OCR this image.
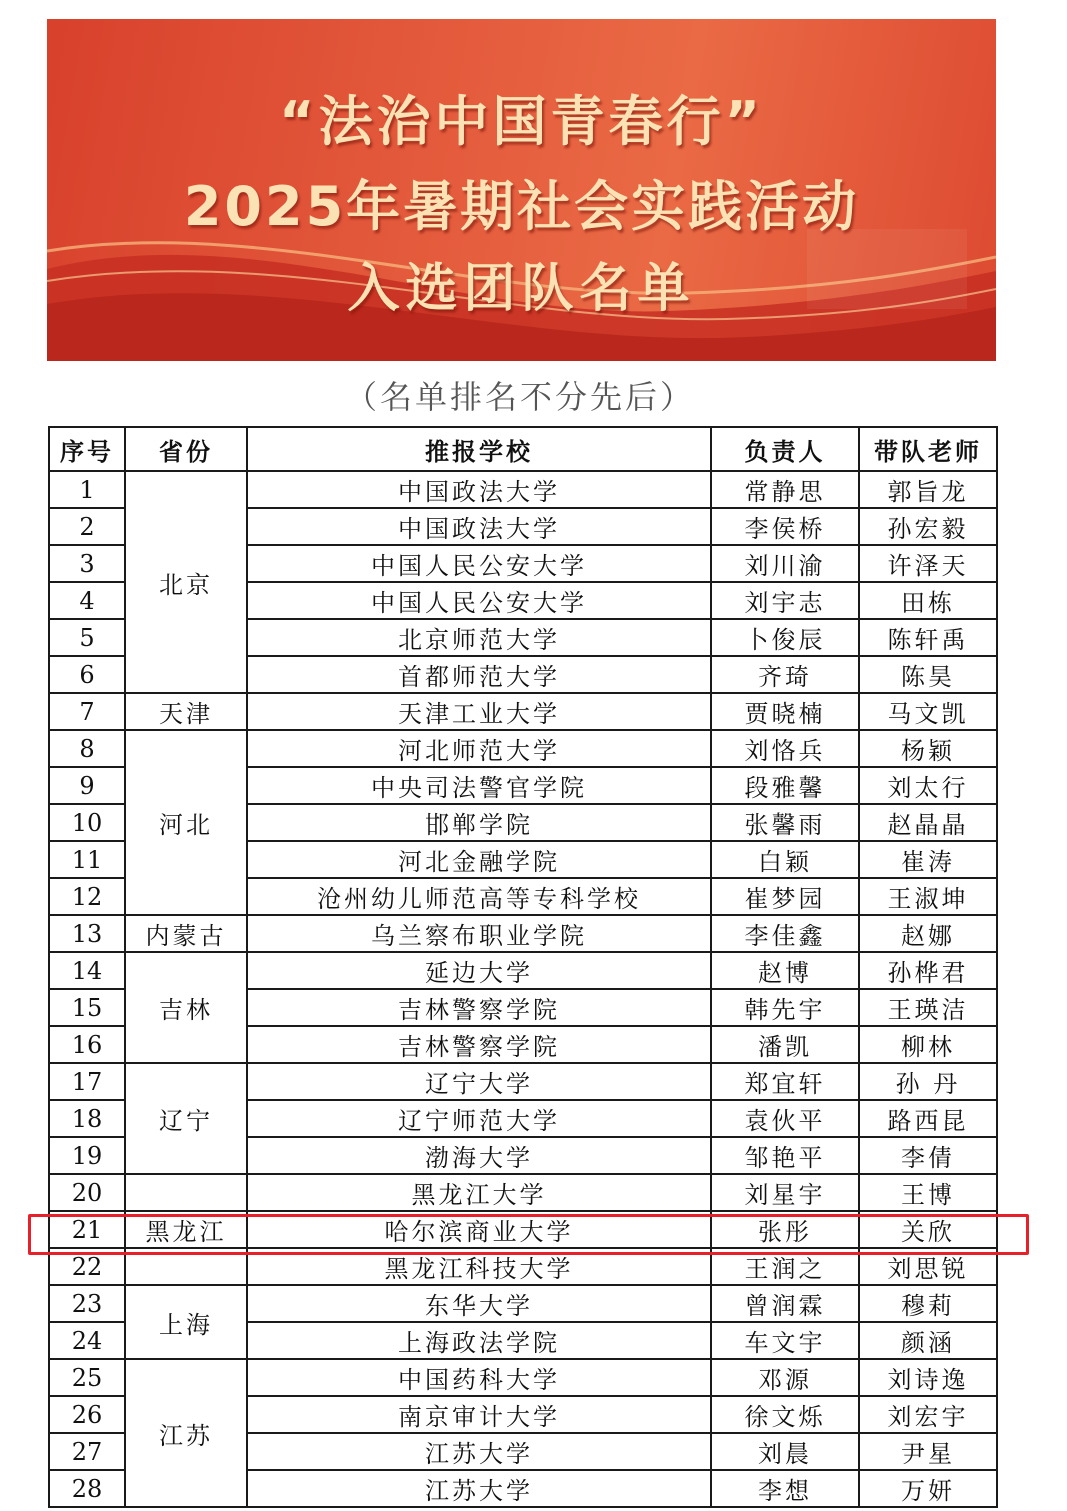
“法治中国青春行”
2025年暑期社会实践活动
入选团队名单
（名单排名不分先后）
序号	省份	推报学校	负责人	带队老师
1	北京	中国政法大学	常静思	郭旨龙
2		中国政法大学	李侯桥	孙宏毅
3		中国人民公安大学	刘川渝	许泽天
4		中国人民公安大学	刘宇志	田栋
5		北京师范大学	卜俊辰	陈轩禹
6		首都师范大学	齐琦	陈昊
7	天津	天津工业大学	贾晓楠	马文凯
8	河北	河北师范大学	刘恪兵	杨颖
9		中央司法警官学院	段雅馨	刘太行
10		邯郸学院	张馨雨	赵晶晶
11		河北金融学院	白颖	崔涛
12		沧州幼儿师范高等专科学校	崔梦园	王淑坤
13	内蒙古	乌兰察布职业学院	李佳鑫	赵娜
14	吉林	延边大学	赵博	孙桦君
15		吉林警察学院	韩先宇	王瑛洁
16		吉林警察学院	潘凯	柳林
17	辽宁	辽宁大学	郑宜轩	孙 丹
18		辽宁师范大学	袁伙平	路西昆
19		渤海大学	邹艳平	李倩
20		黑龙江大学	刘星宇	王博
21	黑龙江	哈尔滨商业大学	张彤	关欣
22		黑龙江科技大学	王润之	刘思锐
23	上海	东华大学	曾润霖	穆莉
24		上海政法学院	车文宇	颜涵
25	江苏	中国药科大学	邓源	刘诗逸
26		南京审计大学	徐文烁	刘宏宇
27		江苏大学	刘晨	尹星
28		江苏大学	李想	万妍
